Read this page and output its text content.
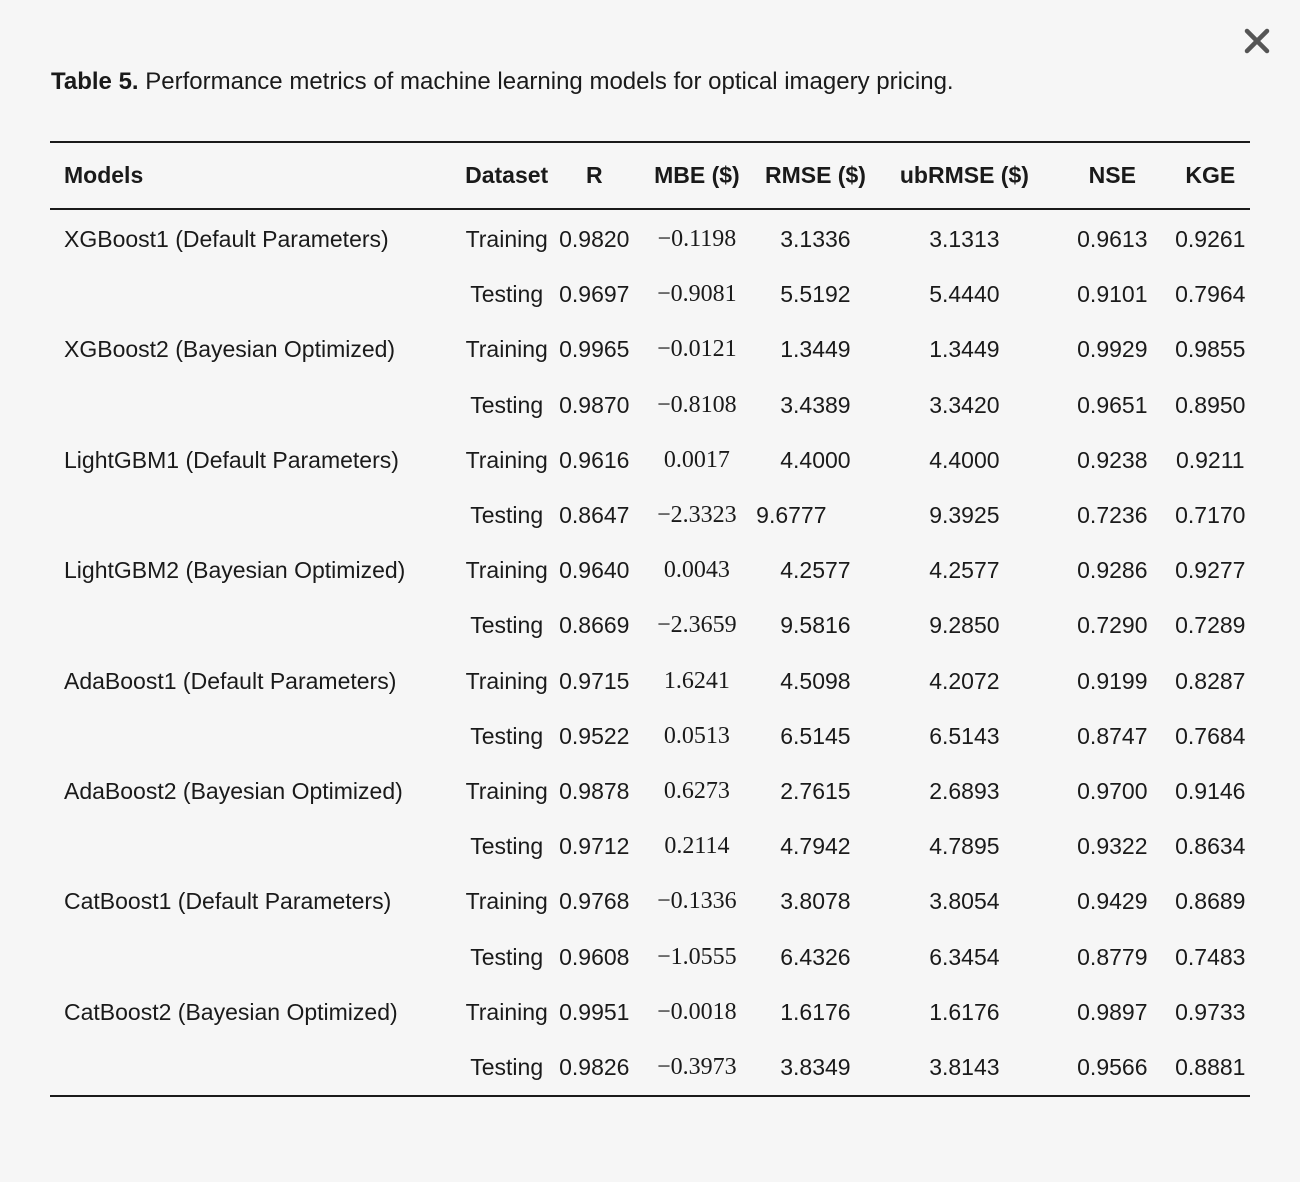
Table 5. Performance metrics of machine learning models for optical imagery pricing.
Models	Dataset	R	MBE ($)	RMSE ($)	ubRMSE ($)	NSE	KGE
XGBoost1 (Default Parameters)	Training	0.9820	−0.1198	3.1336	3.1313	0.9613	0.9261
	Testing	0.9697	−0.9081	5.5192	5.4440	0.9101	0.7964
XGBoost2 (Bayesian Optimized)	Training	0.9965	−0.0121	1.3449	1.3449	0.9929	0.9855
	Testing	0.9870	−0.8108	3.4389	3.3420	0.9651	0.8950
LightGBM1 (Default Parameters)	Training	0.9616	0.0017	4.4000	4.4000	0.9238	0.9211
	Testing	0.8647	−2.3323	9.6777	9.3925	0.7236	0.7170
LightGBM2 (Bayesian Optimized)	Training	0.9640	0.0043	4.2577	4.2577	0.9286	0.9277
	Testing	0.8669	−2.3659	9.5816	9.2850	0.7290	0.7289
AdaBoost1 (Default Parameters)	Training	0.9715	1.6241	4.5098	4.2072	0.9199	0.8287
	Testing	0.9522	0.0513	6.5145	6.5143	0.8747	0.7684
AdaBoost2 (Bayesian Optimized)	Training	0.9878	0.6273	2.7615	2.6893	0.9700	0.9146
	Testing	0.9712	0.2114	4.7942	4.7895	0.9322	0.8634
CatBoost1 (Default Parameters)	Training	0.9768	−0.1336	3.8078	3.8054	0.9429	0.8689
	Testing	0.9608	−1.0555	6.4326	6.3454	0.8779	0.7483
CatBoost2 (Bayesian Optimized)	Training	0.9951	−0.0018	1.6176	1.6176	0.9897	0.9733
	Testing	0.9826	−0.3973	3.8349	3.8143	0.9566	0.8881
